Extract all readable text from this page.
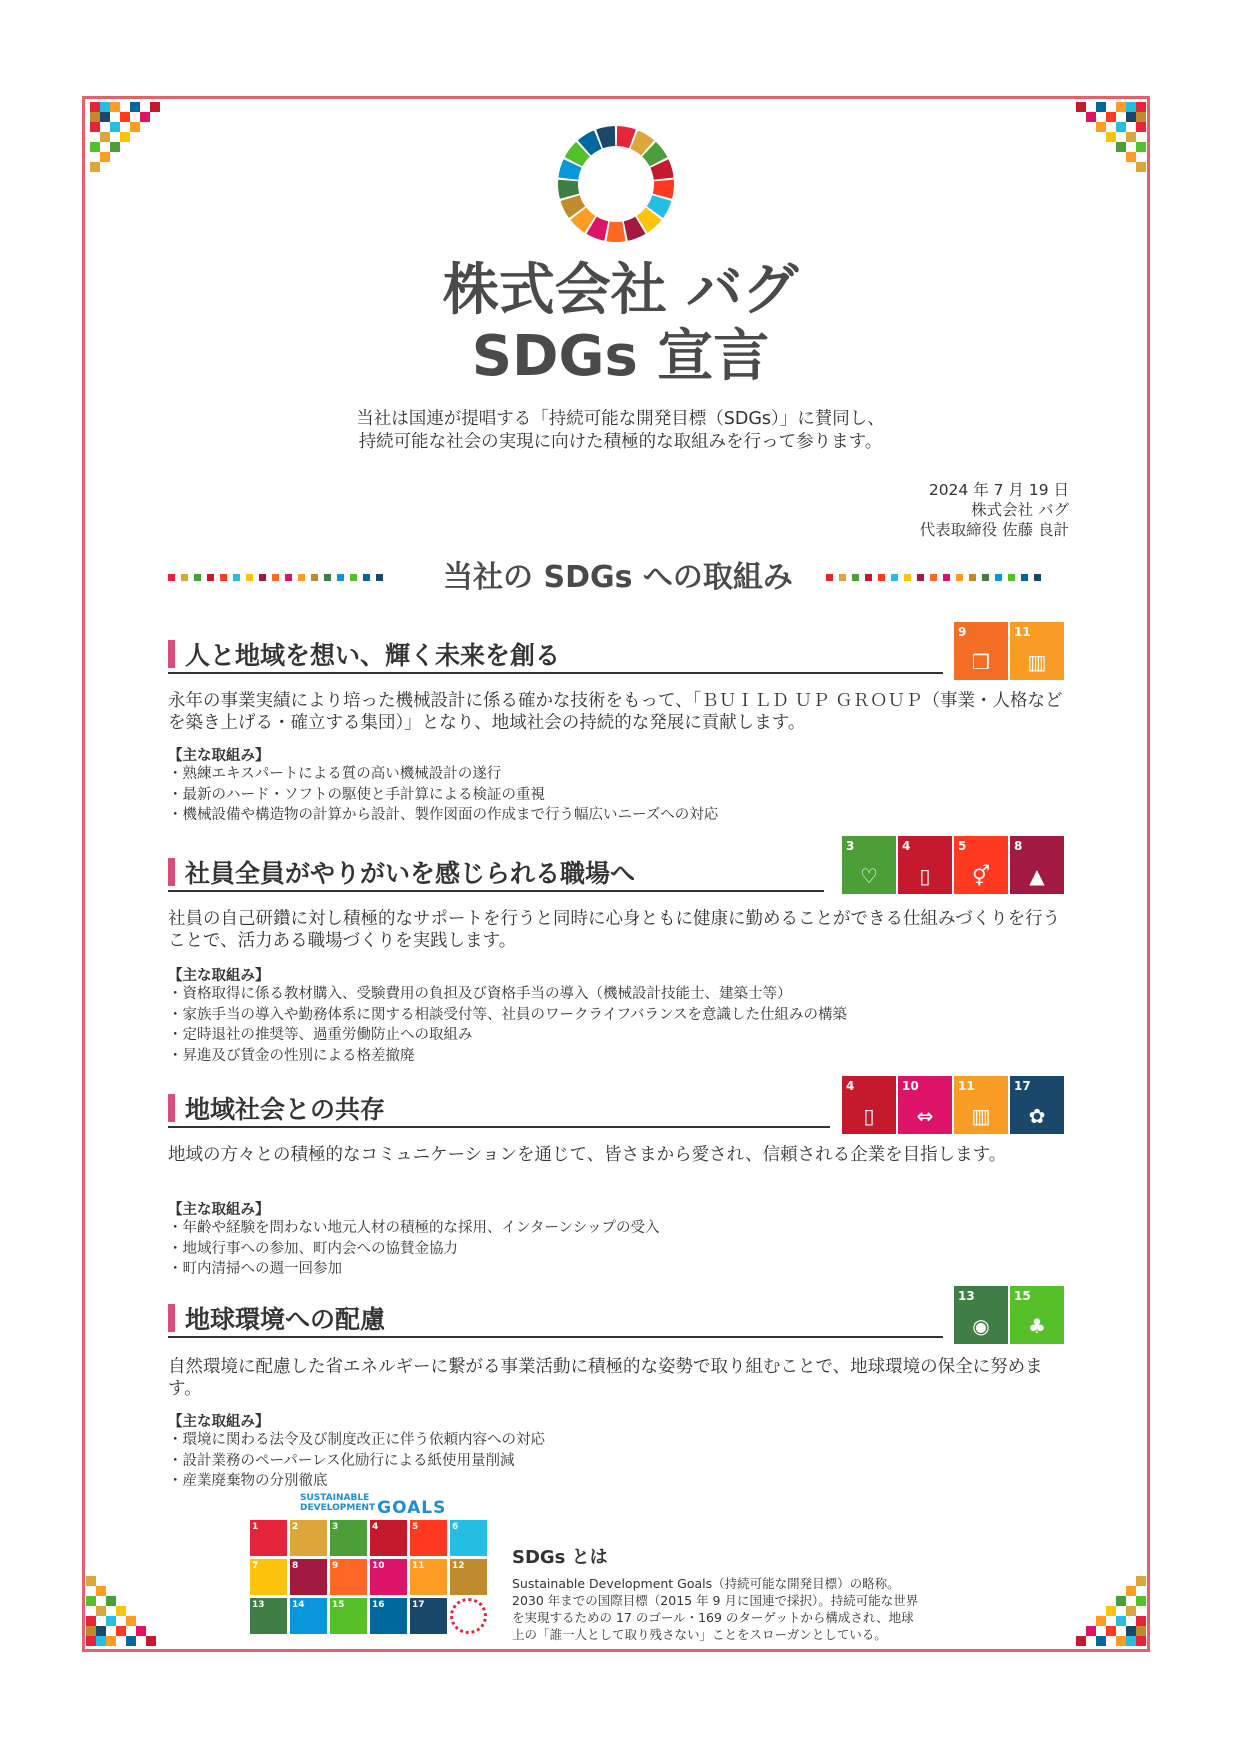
株式会社 バグ
SDGs 宣言
当社は国連が提唱する「持続可能な開発目標（SDGs）」に賛同し、
持続可能な社会の実現に向けた積極的な取組みを行って参ります。
2024 年 7 月 19 日
株式会社 バグ
代表取締役 佐藤 良計
当社の SDGs への取組み
人と地域を想い、輝く未来を創る
9
❒
11
▥
永年の事業実績により培った機械設計に係る確かな技術をもって、「ＢＵＩＬＤ ＵＰ ＧＲＯＵＰ（事業・人格などを築き上げる・確立する集団）」となり、地域社会の持続的な発展に貢献します。
【主な取組み】
・ 熟練エキスパートによる質の高い機械設計の遂行
・ 最新のハード・ソフトの駆使と手計算による検証の重視
・ 機械設備や構造物の計算から設計、製作図面の作成まで行う幅広いニーズへの対応
社員全員がやりがいを感じられる職場へ
3
♡
4
▯
5
⚥
8
▲
社員の自己研鑽に対し積極的なサポートを行うと同時に心身ともに健康に勤めることができる仕組みづくりを行うことで、活力ある職場づくりを実践します。
【主な取組み】
・ 資格取得に係る教材購入、受験費用の負担及び資格手当の導入（機械設計技能士、建築士等）
・ 家族手当の導入や勤務体系に関する相談受付等、社員のワークライフバランスを意識した仕組みの構築
・ 定時退社の推奨等、過重労働防止への取組み
・ 昇進及び賃金の性別による格差撤廃
地域社会との共存
4
▯
10
⇔
11
▥
17
✿
地域の方々との積極的なコミュニケーションを通じて、皆さまから愛され、信頼される企業を目指します。
【主な取組み】
・ 年齢や経験を問わない地元人材の積極的な採用、インターンシップの受入
・ 地域行事への参加、町内会への協賛金協力
・ 町内清掃への週一回参加
地球環境への配慮
13
◉
15
♣
自然環境に配慮した省エネルギーに繋がる事業活動に積極的な姿勢で取り組むことで、地球環境の保全に努めます。
【主な取組み】
・ 環境に関わる法令及び制度改正に伴う依頼内容への対応
・ 設計業務のペーパーレス化励行による紙使用量削減
・ 産業廃棄物の分別徹底
SUSTAINABLE
DEVELOPMENT GOALS
1	2	3	4	5	6
7	8	9	10	11	12
13	14	15	16	17
SDGs とは
Sustainable Development Goals（持続可能な開発目標）の略称。
2030 年までの国際目標（2015 年 9 月に国連で採択）。持続可能な世界
を実現するための 17 のゴール・169 のターゲットから構成され、地球
上の「誰一人として取り残さない」ことをスローガンとしている。
